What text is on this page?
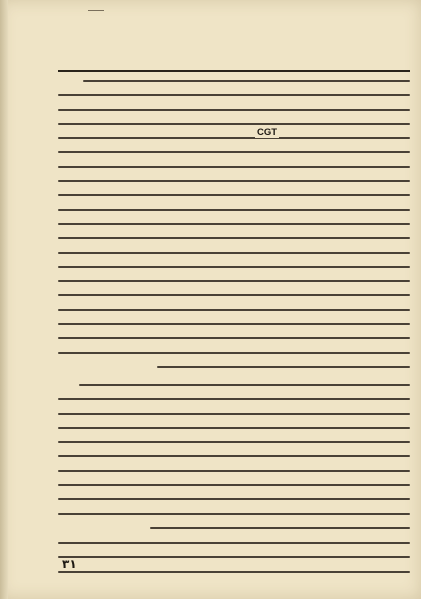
CGT
۳۱
